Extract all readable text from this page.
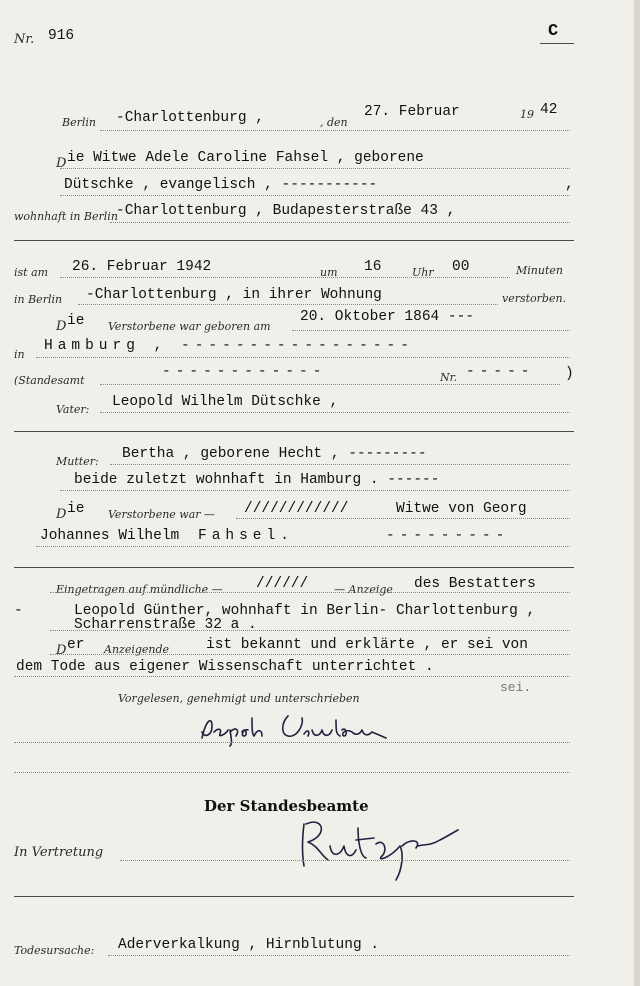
Nr. 916	C
Berlin -Charlottenburg ,	, den
27. Februar	19 42
D ie Witwe Adele Caroline Fahsel , geborene
Dütschke , evangelisch , -----------	,
wohnhaft in Berlin
-Charlottenburg , Budapesterstraße 43 ,
ist am 26. Februar 1942	um 16	Uhr 00	Minuten
in Berlin -Charlottenburg , in ihrer Wohnung	verstorben.
D ie Verstorbene war geboren am
20. Oktober 1864 ---
in
Hamburg , -----------------
(Standesamt
------------	Nr. ----- )
Vater: Leopold Wilhelm Dütschke ,
Mutter: Bertha , geborene Hecht , ---------
beide zuletzt wohnhaft in Hamburg . ------
D ie Verstorbene war — ////////////	Witwe von Georg
Johannes Wilhelm Fahsel.	---------
Eingetragen auf mündliche — ////// — Anzeige des Bestatters
-	Leopold Günther, wohnhaft in Berlin- Charlottenburg ,
Scharrenstraße 32 a .
D er Anzeigende	ist bekannt und erklärte , er sei von
dem Tode aus eigener Wissenschaft unterrichtet .
sei.
Vorgelesen, genehmigt und unterschrieben
Der Standesbeamte
In Vertretung
Todesursache: Aderverkalkung , Hirnblutung .
